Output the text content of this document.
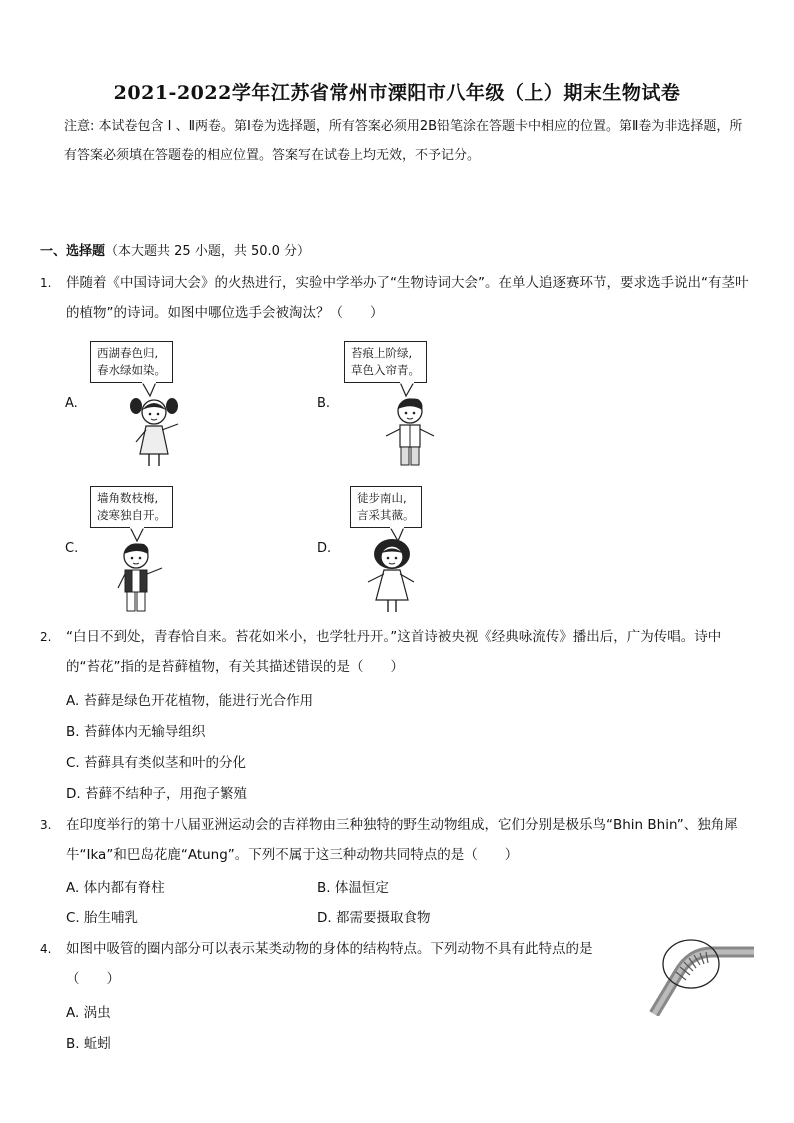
2021-2022学年江苏省常州市溧阳市八年级（上）期末生物试卷
注意: 本试卷包含 Ⅰ 、Ⅱ两卷。第Ⅰ卷为选择题，所有答案必须用2B铅笔涂在答题卡中相应的位置。第Ⅱ卷为非选择题，所有答案必须填在答题卷的相应位置。答案写在试卷上均无效，不予记分。
一、选择题（本大题共 25 小题，共 50.0 分）
1.	伴随着《中国诗词大会》的火热进行，实验中学举办了“生物诗词大会”。在单人追逐赛环节，要求选手说出“有茎叶的植物”的诗词。如图中哪位选手会被淘汰？（　　）
A.
西湖春色归,
春水绿如染。
B.
苔痕上阶绿,
草色入帘青。
C.
墙角数枝梅,
凌寒独自开。
D.
徒步南山,
言采其薇。
2.	“白日不到处，青春恰自来。苔花如米小，也学牡丹开。”这首诗被央视《经典咏流传》播出后，广为传唱。诗中的“苔花”指的是苔藓植物，有关其描述错误的是（　　）
A. 苔藓是绿色开花植物，能进行光合作用
B. 苔藓体内无输导组织
C. 苔藓具有类似茎和叶的分化
D. 苔藓不结种子，用孢子繁殖
3.	在印度举行的第十八届亚洲运动会的吉祥物由三种独特的野生动物组成，它们分别是极乐鸟“Bhin Bhin”、独角犀牛“Ika”和巴岛花鹿“Atung”。下列不属于这三种动物共同特点的是（　　）
A. 体内都有脊柱	B. 体温恒定
C. 胎生哺乳	D. 都需要摄取食物
4.	如图中吸管的圈内部分可以表示某类动物的身体的结构特点。下列动物不具有此特点的是（　　）
A. 涡虫
B. 蚯蚓
